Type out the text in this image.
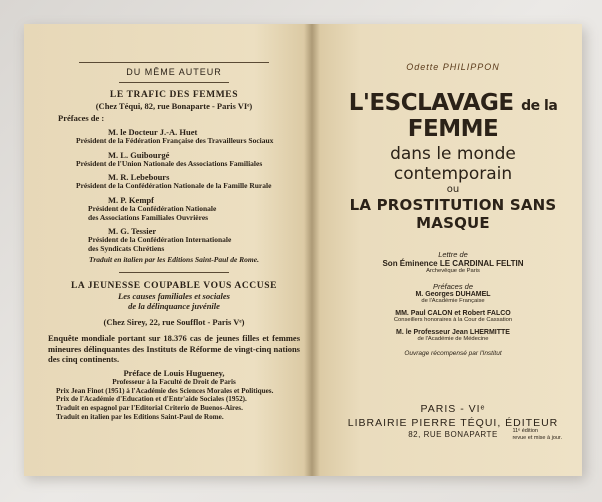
DU MÊME AUTEUR
LE TRAFIC DES FEMMES
(Chez Téqui, 82, rue Bonaparte - Paris VIᵉ)
Préfaces de :
M. le Docteur J.-A. Huet
Président de la Fédération Française des Travailleurs Sociaux
M. L. Guibourgé
Président de l'Union Nationale des Associations Familiales
M. R. Lebebours
Président de la Confédération Nationale de la Famille Rurale
M. P. Kempf
Président de la Confédération Nationale
des Associations Familiales Ouvrières
M. G. Tessier
Président de la Confédération Internationale
des Syndicats Chrétiens
Traduit en italien par les Editions Saint-Paul de Rome.
LA JEUNESSE COUPABLE VOUS ACCUSE
Les causes familiales et sociales
de la délinquance juvénile
(Chez Sirey, 22, rue Soufflot - Paris Vᵉ)
Enquête mondiale portant sur 18.376 cas de jeunes filles et femmes mineures délinquantes des Instituts de Réforme de vingt-cinq nations des cinq continents.
Préface de Louis Hugueney,
Professeur à la Faculté de Droit de Paris
Prix Jean Finot (1951) à l'Académie des Sciences Morales et Politiques.
Prix de l'Académie d'Education et d'Entr'aide Sociales (1952).
Traduit en espagnol par l'Editorial Criterio de Buenos-Aires.
Traduit en italien par les Editions Saint-Paul de Rome.
Odette PHILIPPON
L'ESCLAVAGE de la FEMME
dans le monde contemporain
ou
LA PROSTITUTION SANS MASQUE
Lettre de
Son Éminence LE CARDINAL FELTIN
Archevêque de Paris
Préfaces de
M. Georges DUHAMEL
de l'Académie Française
MM. Paul CALON et Robert FALCO
Conseillers honoraires à la Cour de Cassation
M. le Professeur Jean LHERMITTE
de l'Académie de Médecine
Ouvrage récompensé par l'Institut
PARIS - VIᵉ
LIBRAIRIE PIERRE TÉQUI, ÉDITEUR
82, RUE BONAPARTE	11ᵉ édition
revue et mise à jour.
